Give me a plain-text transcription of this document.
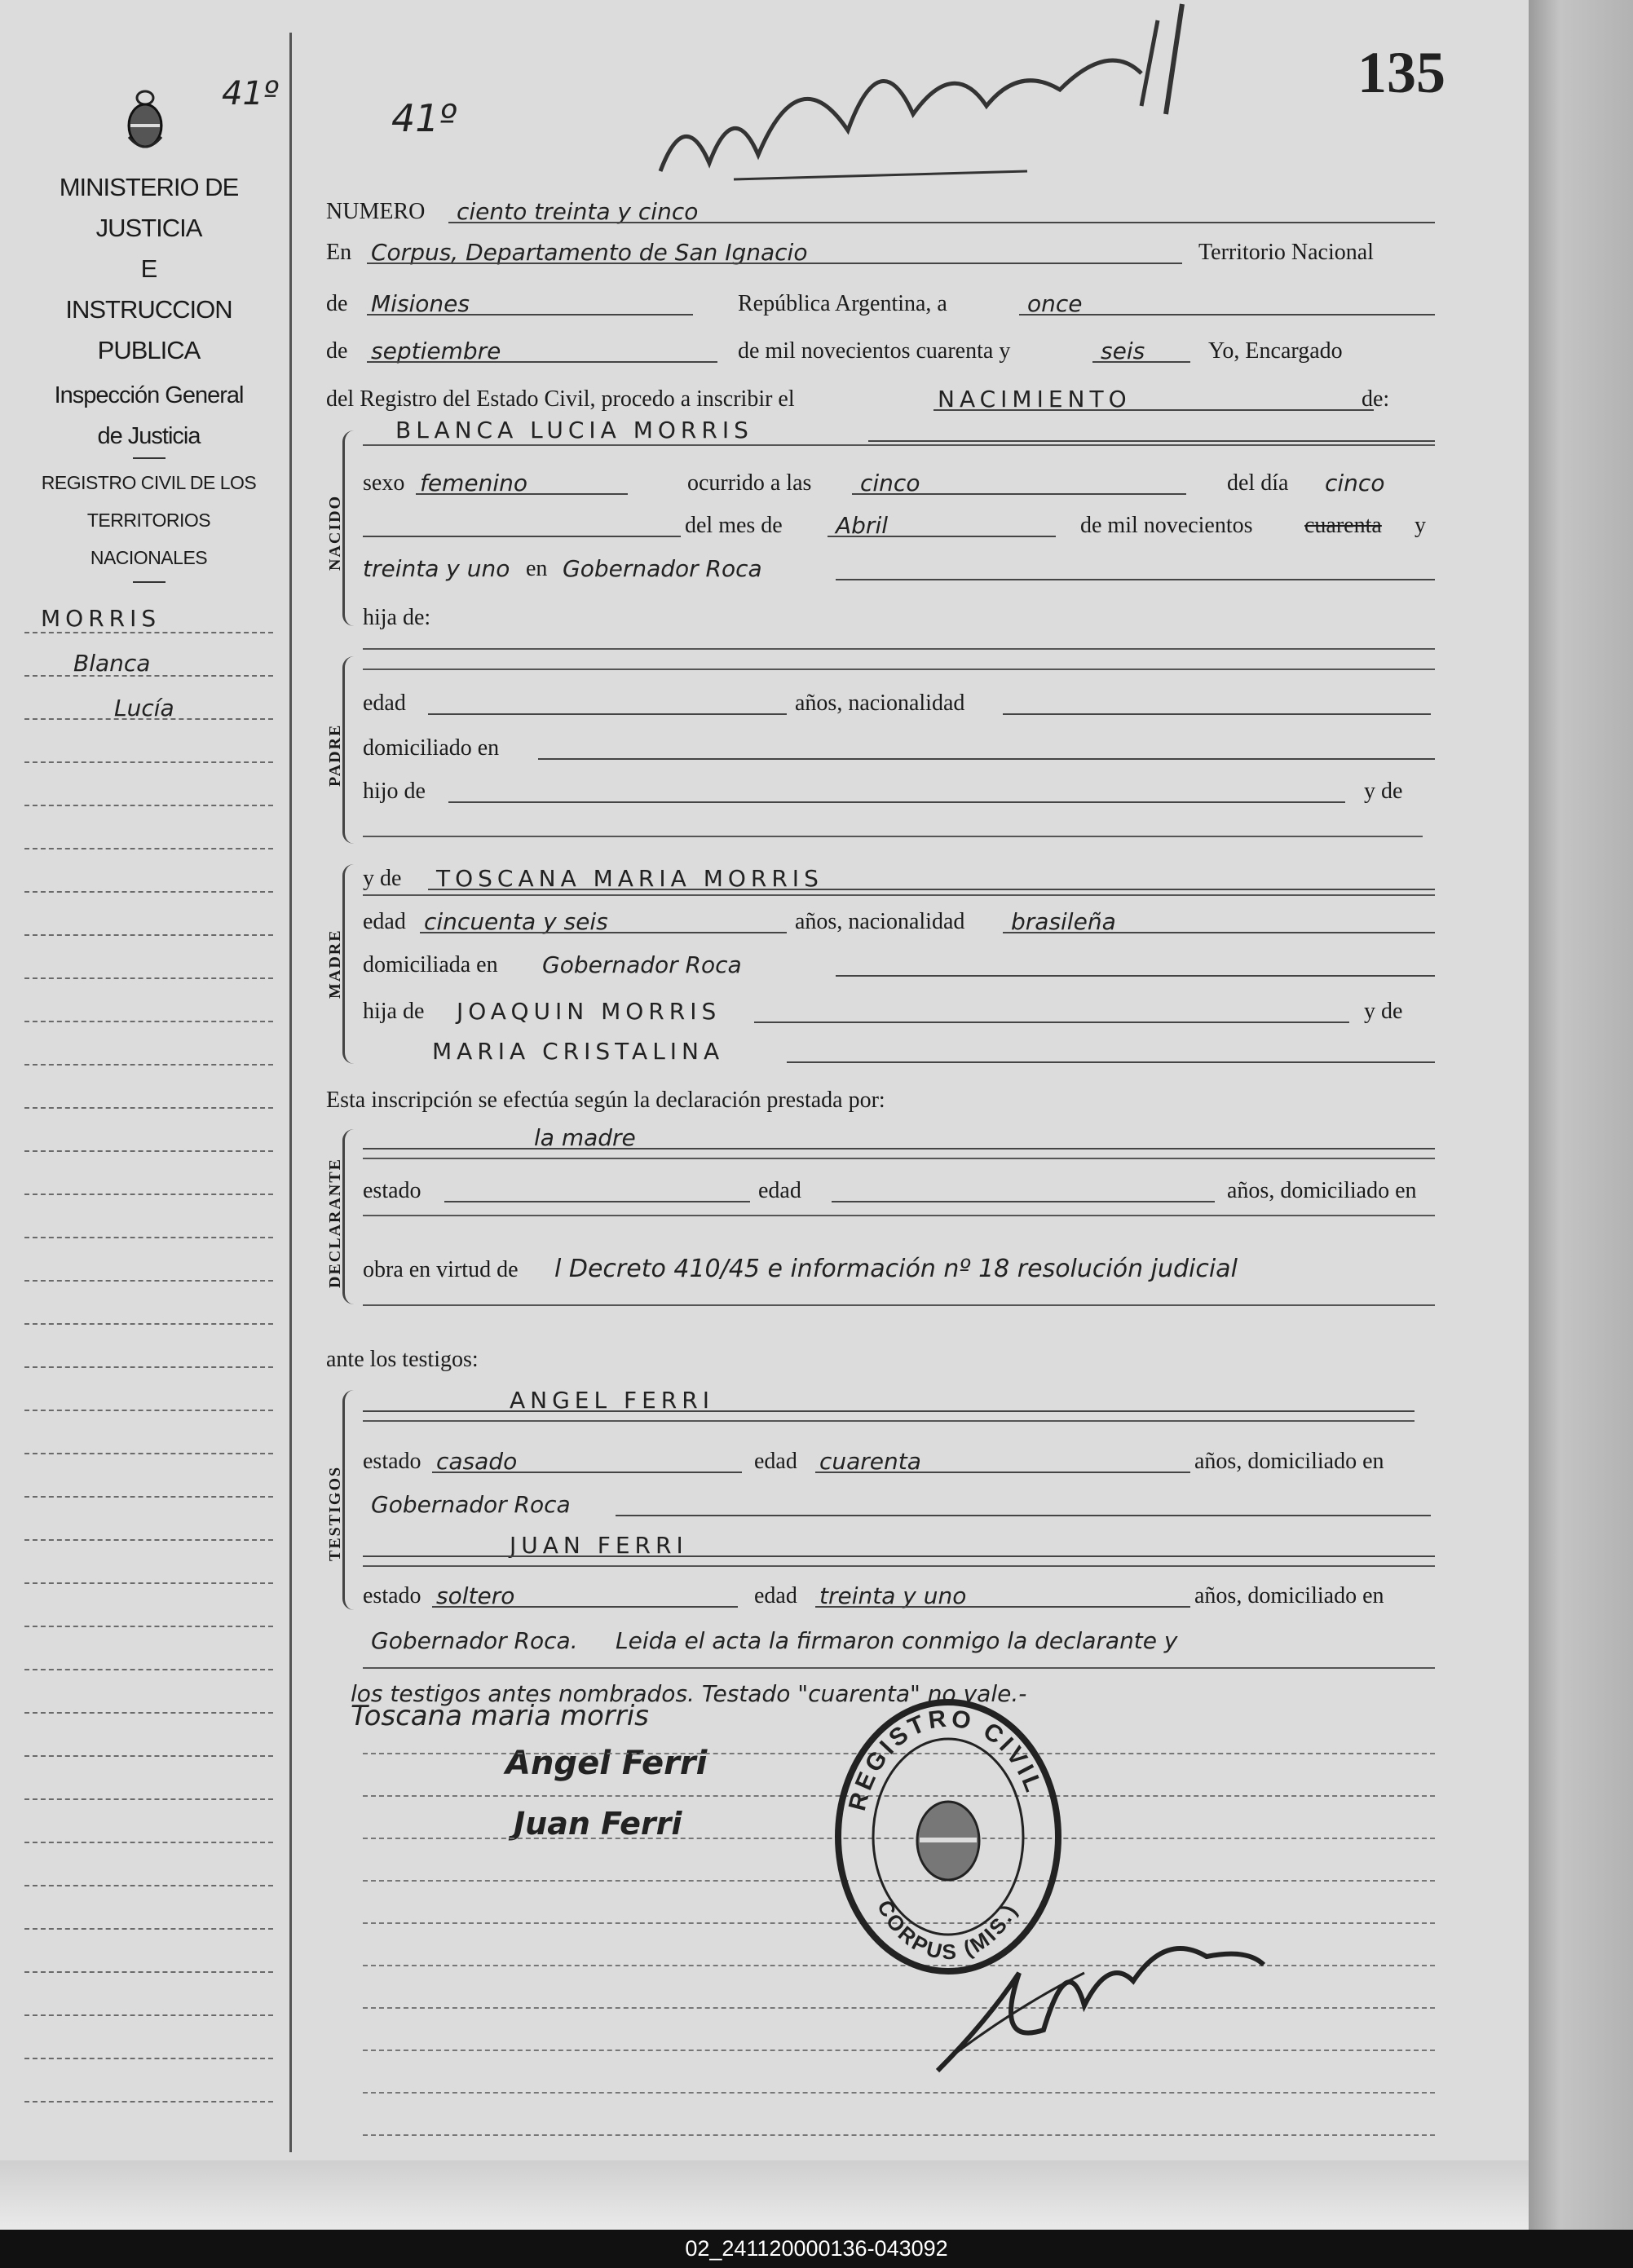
41º
MINISTERIO DE JUSTICIA
E
INSTRUCCION PUBLICA
Inspección General
de Justicia
REGISTRO CIVIL DE LOS
TERRITORIOS NACIONALES
MORRIS
Blanca
Lucía
41º
135
NUMERO ciento treinta y cinco
En Corpus, Departamento de San Ignacio	Territorio Nacional
de Misiones	República Argentina, a	once
de septiembre	de mil novecientos cuarenta y	seis	Yo, Encargado
del Registro del Estado Civil, procedo a inscribir el	NACIMIENTO	de:
NACIDO
BLANCA LUCIA MORRIS
sexo femenino	ocurrido a las cinco	del día cinco
del mes de Abril	de mil novecientos cuarenta y
treinta y uno en Gobernador Roca
hija de:
PADRE
edad	años, nacionalidad
domiciliado en
hijo de	y de
MADRE
y de TOSCANA MARIA MORRIS
edad cincuenta y seis	años, nacionalidad brasileña
domiciliada en Gobernador Roca
hija de JOAQUIN MORRIS	y de
MARIA CRISTALINA
Esta inscripción se efectúa según la declaración prestada por:
DECLARANTE
la madre
estado	edad	años, domiciliado en
obra en virtud de l Decreto 410/45 e información nº 18 resolución judicial
ante los testigos:
TESTIGOS
ANGEL FERRI
estado casado	edad cuarenta	años, domiciliado en
Gobernador Roca
JUAN FERRI
estado soltero	edad treinta y uno	años, domiciliado en
Gobernador Roca. Leida el acta la firmaron conmigo la declarante y
los testigos antes nombrados. Testado "cuarenta" no vale.-
Toscana maria morris
Angel Ferri
Juan Ferri
REGISTRO CIVIL
CORPUS (MIS.)
02_241120000136-043092
